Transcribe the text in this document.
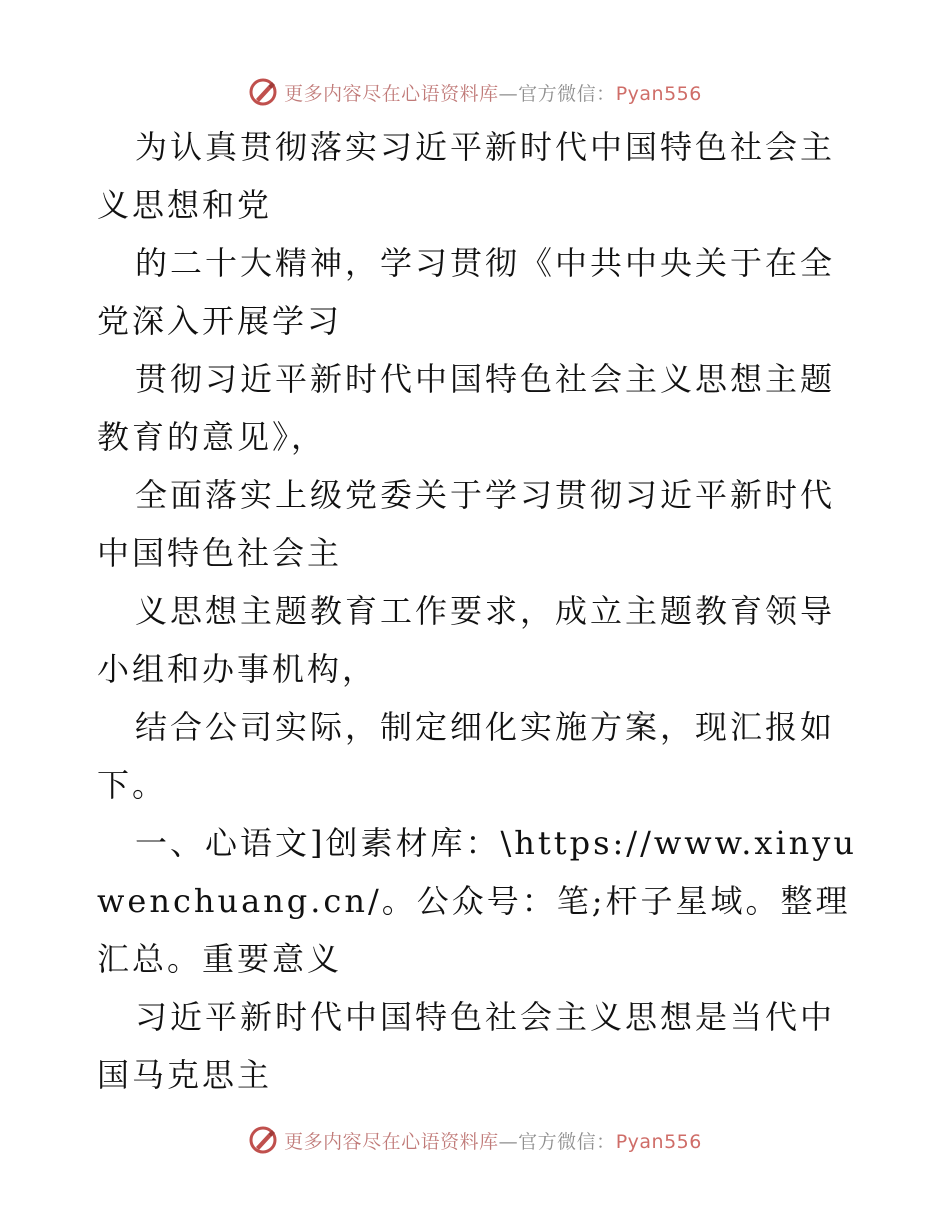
更多内容尽在心语资料库—官方微信：Pyan556

为认真贯彻落实习近平新时代中国特色社会主义思想和党

的二十大精神，学习贯彻《中共中央关于在全党深入开展学习

贯彻习近平新时代中国特色社会主义思想主题教育的意见》，

全面落实上级党委关于学习贯彻习近平新时代中国特色社会主

义思想主题教育工作要求，成立主题教育领导小组和办事机构，

结合公司实际，制定细化实施方案，现汇报如下。

一、心语文]创素材库：\https://www.xinyuwenchuang.cn/。公众号：笔;杆子星域。整理汇总。重要意义

习近平新时代中国特色社会主义思想是当代中国马克思主

更多内容尽在心语资料库—官方微信：Pyan556
